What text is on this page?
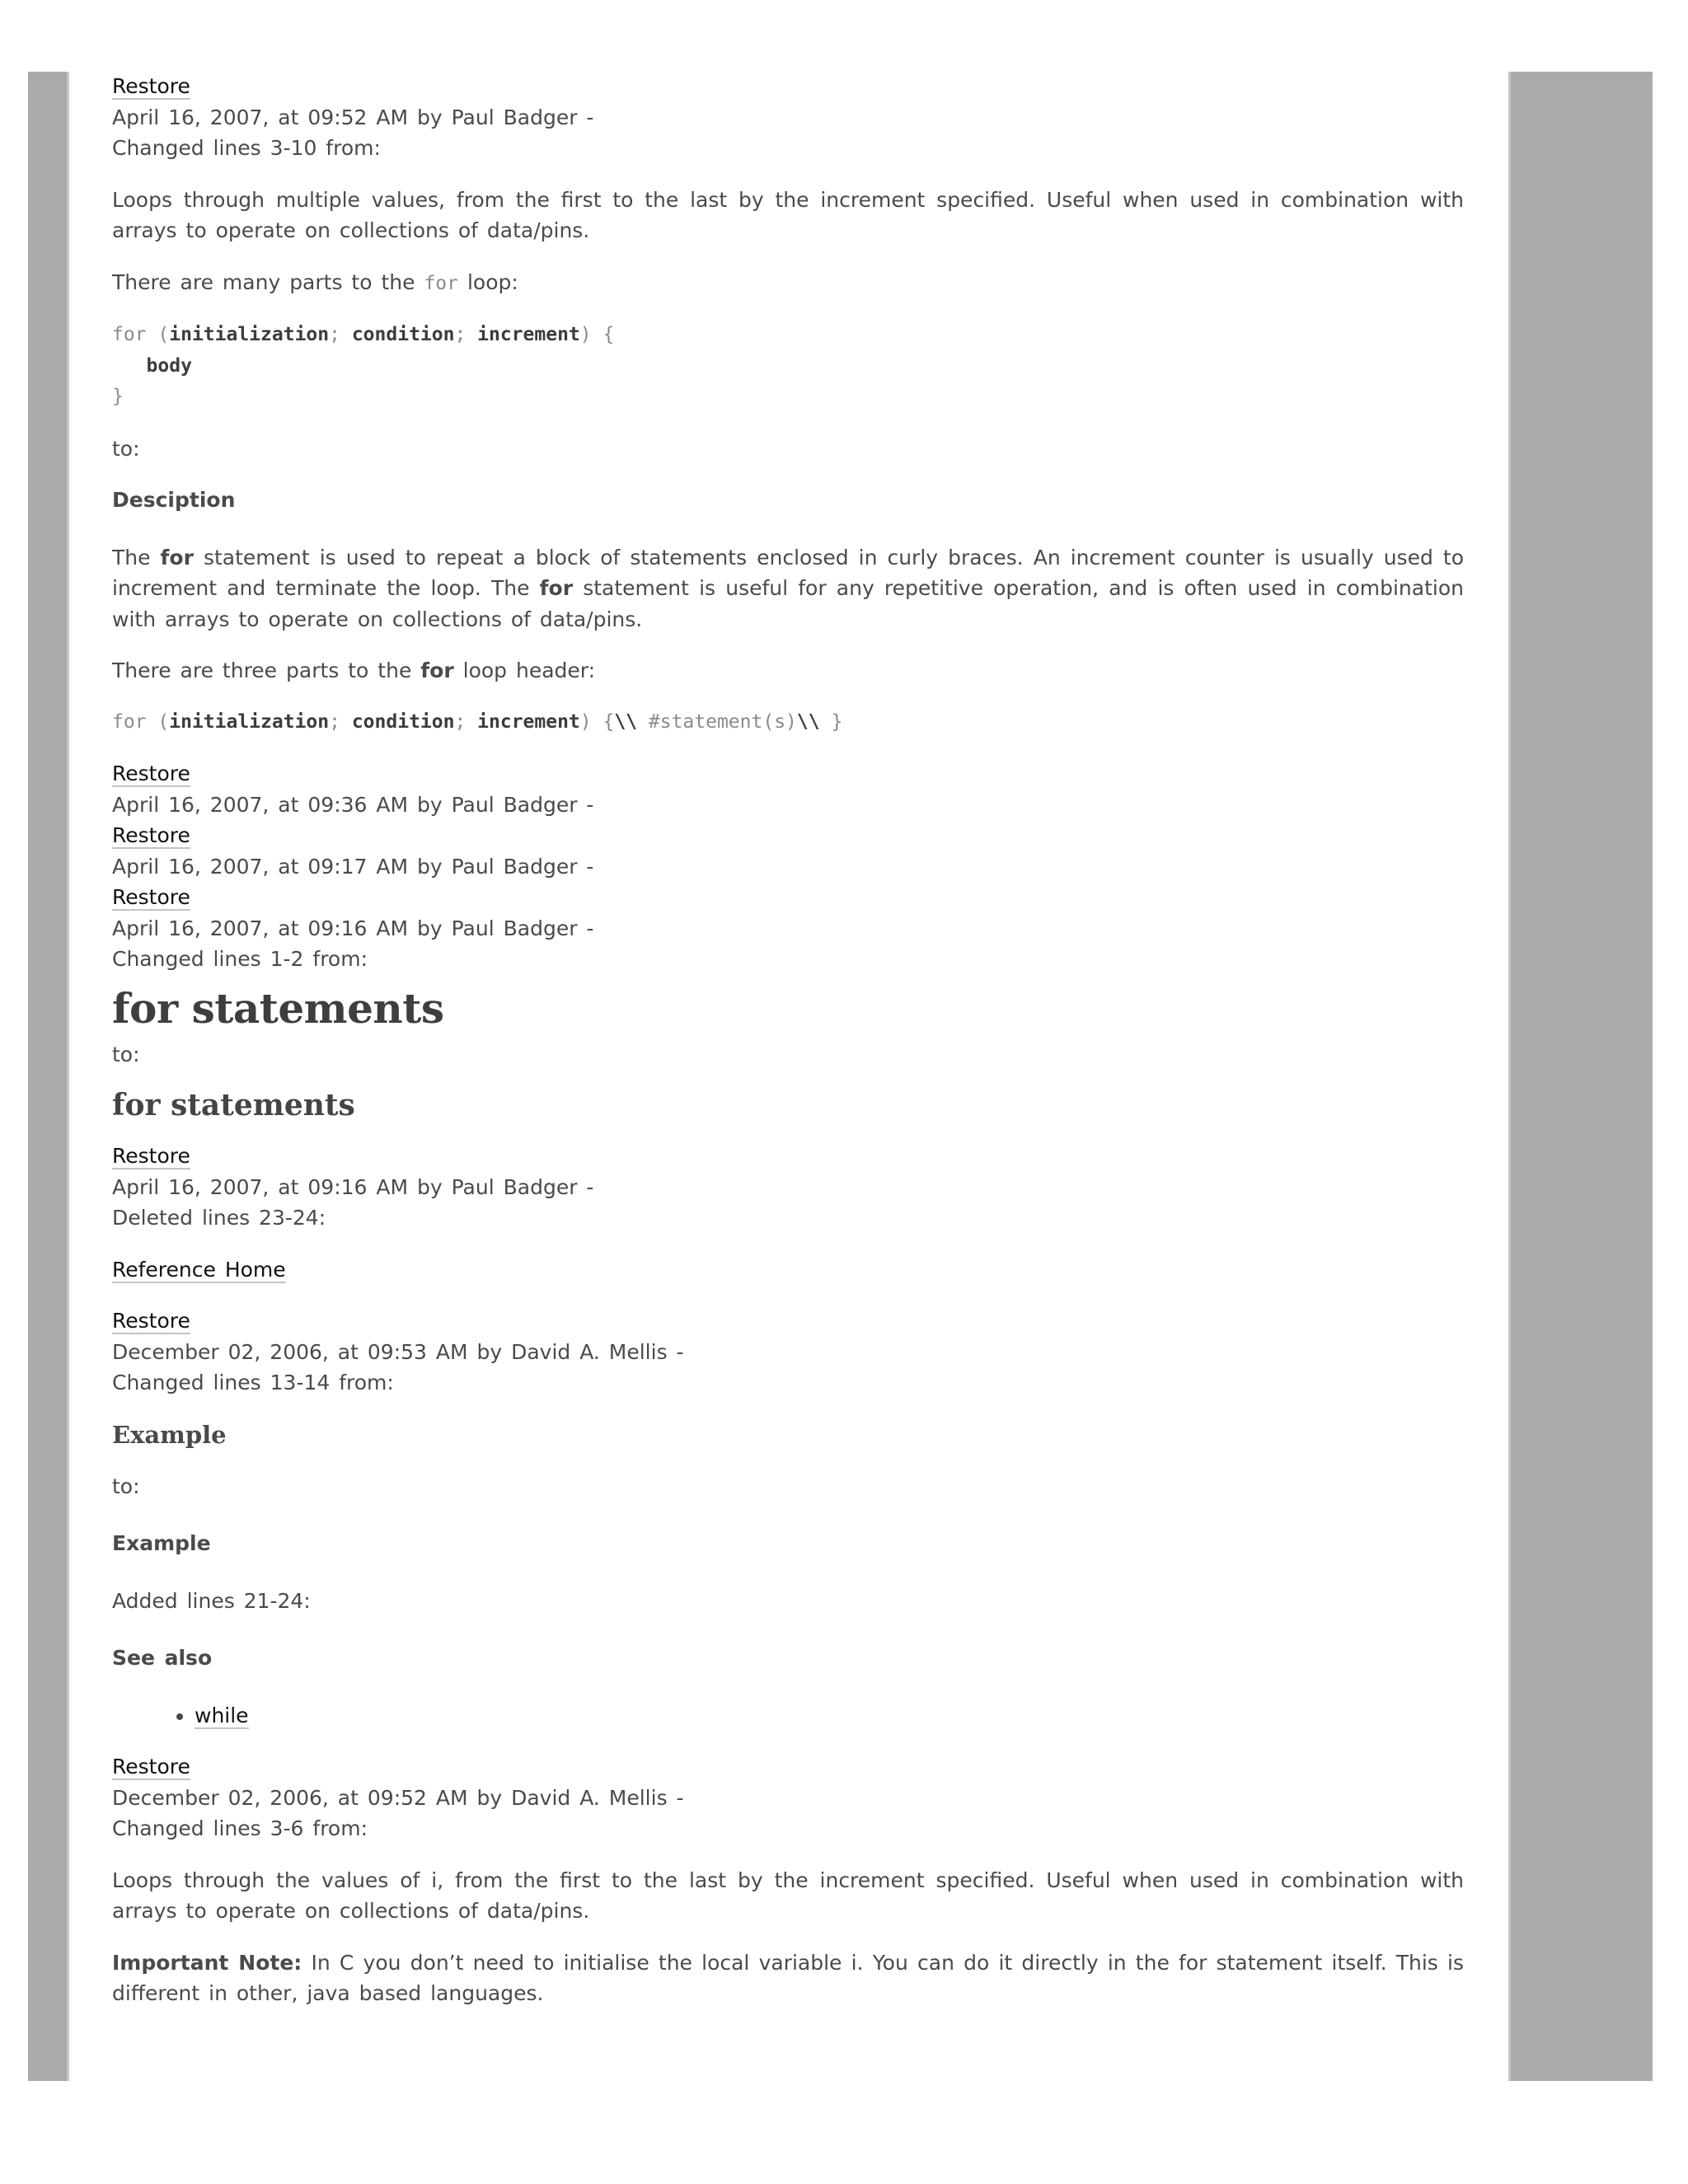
Restore

April 16, 2007, at 09:52 AM by Paul Badger -

Changed lines 3-10 from:

Loops through multiple values, from the first to the last by the increment specified. Useful when used in combination with arrays to operate on collections of data/pins.

There are many parts to the for loop:

for (initialization; condition; increment) {
body
}

to:

Desciption

The for statement is used to repeat a block of statements enclosed in curly braces. An increment counter is usually used to increment and terminate the loop. The for statement is useful for any repetitive operation, and is often used in combination with arrays to operate on collections of data/pins.

There are three parts to the for loop header:

for (initialization; condition; increment) {\\ #statement(s)\\ }

Restore

April 16, 2007, at 09:36 AM by Paul Badger -

Restore

April 16, 2007, at 09:17 AM by Paul Badger -

Restore

April 16, 2007, at 09:16 AM by Paul Badger -

Changed lines 1-2 from:

for statements

to:

for statements

Restore

April 16, 2007, at 09:16 AM by Paul Badger -

Deleted lines 23-24:

Reference Home

Restore

December 02, 2006, at 09:53 AM by David A. Mellis -

Changed lines 13-14 from:

Example

to:

Example

Added lines 21-24:

See also

• while

Restore

December 02, 2006, at 09:52 AM by David A. Mellis -

Changed lines 3-6 from:

Loops through the values of i, from the first to the last by the increment specified. Useful when used in combination with arrays to operate on collections of data/pins.

Important Note: In C you don’t need to initialise the local variable i. You can do it directly in the for statement itself. This is different in other, java based languages.
